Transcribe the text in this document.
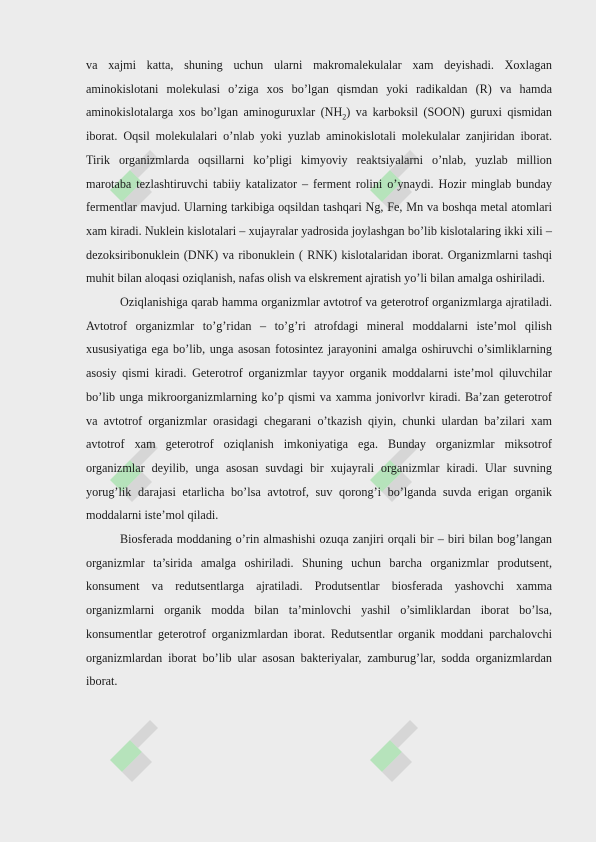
va xajmi katta, shuning uchun ularni makromalekulalar xam deyishadi. Xoxlagan aminokislotani molekulasi o’ziga xos bo’lgan qismdan yoki radikaldan (R) va hamda aminokislotalarga xos bo’lgan aminoguruxlar $(NH_2)$ va karboksil (SOON) guruxi qismidan iborat. Oqsil molekulalari o’nlab yoki yuzlab aminokislotali molekulalar zanjiridan iborat. Tirik organizmlarda oqsillarni ko’pligi kimyoviy reaktsiyalarni o’nlab, yuzlab million marotaba tezlashtiruvchi tabiiy katalizator – ferment rolini o’ynaydi. Hozir minglab bunday fermentlar mavjud. Ularning tarkibiga oqsildan tashqari Ng, Fe, Mn va boshqa metal atomlari xam kiradi. Nuklein kislotalari – xujayralar yadrosida joylashgan bo’lib kislotalaring ikki xili – dezoksiribonuklein (DNK) va ribonuklein ( RNK) kislotalaridan iborat. Organizmlarni tashqi muhit bilan aloqasi oziqlanish, nafas olish va elskrement ajratish yo’li bilan amalga oshiriladi.

Oziqlanishiga qarab hamma organizmlar avtotrof va geterotrof organizmlarga ajratiladi. Avtotrof organizmlar to’g’ridan – to’g’ri atrofdagi mineral moddalarni iste’mol qilish xususiyatiga ega bo’lib, unga asosan fotosintez jarayonini amalga oshiruvchi o’simliklarning asosiy qismi kiradi. Geterotrof organizmlar tayyor organik moddalarni iste’mol qiluvchilar bo’lib unga mikroorganizmlarning ko’p qismi va xamma jonivorlvr kiradi. Ba’zan geterotrof va avtotrof organizmlar orasidagi chegarani o’tkazish qiyin, chunki ulardan ba’zilari xam avtotrof xam geterotrof oziqlanish imkoniyatiga ega. Bunday organizmlar miksotrof organizmlar deyilib, unga asosan suvdagi bir xujayrali organizmlar kiradi. Ular suvning yorug’lik darajasi etarlicha bo’lsa avtotrof, suv qorong’i bo’lganda suvda erigan organik moddalarni iste’mol qiladi.

Biosferada moddaning o’rin almashishi ozuqa zanjiri orqali bir – biri bilan bog’langan organizmlar ta’sirida amalga oshiriladi. Shuning uchun barcha organizmlar produtsent, konsument va redutsentlarga ajratiladi. Produtsentlar biosferada yashovchi xamma organizmlarni organik modda bilan ta’minlovchi yashil o’simliklardan iborat bo’lsa, konsumentlar geterotrof organizmlardan iborat. Redutsentlar organik moddani parchalovchi organizmlardan iborat bo’lib ular asosan bakteriyalar, zamburug’lar, sodda organizmlardan iborat.
